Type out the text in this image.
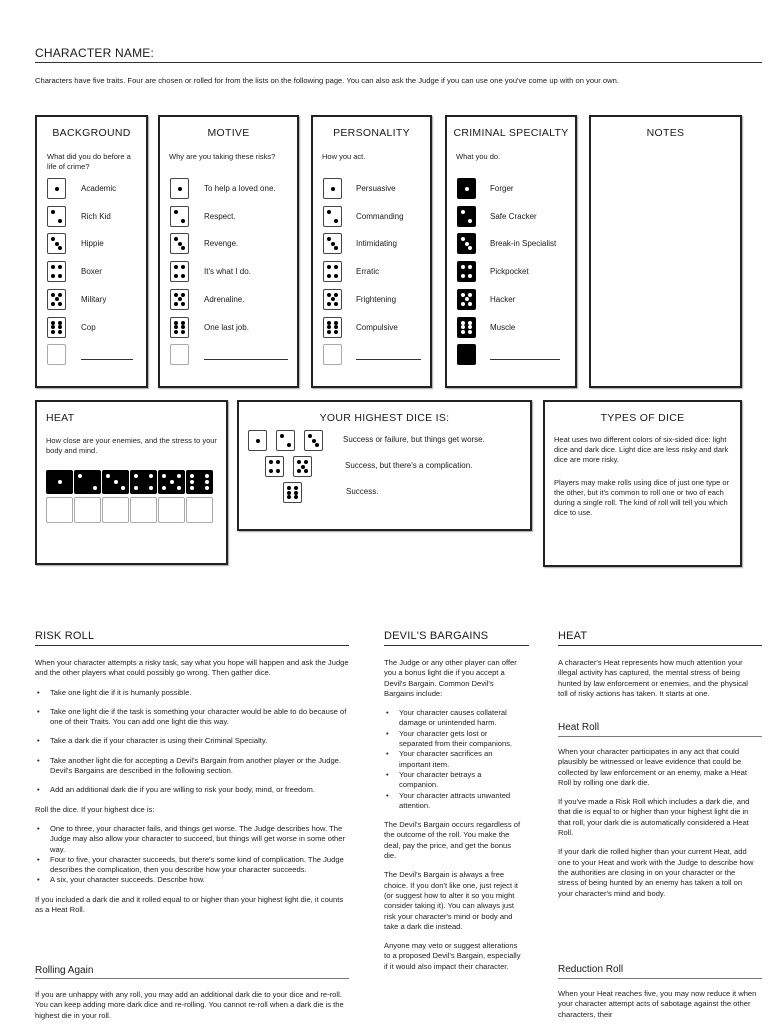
CHARACTER NAME:
Characters have five traits. Four are chosen or rolled for from the lists on the following page. You can also ask the Judge if you can use one you've come up with on your own.
BACKGROUND
What did you do before a life of crime?
Academic
Rich Kid
Hippie
Boxer
Military
Cop
MOTIVE
Why are you taking these risks?
To help a loved one.
Respect.
Revenge.
It's what I do.
Adrenaline.
One last job.
PERSONALITY
How you act.
Persuasive
Commanding
Intimidating
Erratic
Frightening
Compulsive
CRIMINAL SPECIALTY
What you do.
Forger
Safe Cracker
Break-in Specialist
Pickpocket
Hacker
Muscle
NOTES
HEAT
How close are your enemies, and the stress to your body and mind.
YOUR HIGHEST DICE IS:
Success or failure, but things get worse.
Success, but there's a complication.
Success.
TYPES OF DICE
Heat uses two different colors of six-sided dice: light dice and dark dice. Light dice are less risky and dark dice are more risky.
Players may make rolls using dice of just one type or the other, but it's common to roll one or two of each during a single roll. The kind of roll will tell you which dice to use.
RISK ROLL

When your character attempts a risky task, say what you hope will happen and ask the Judge and the other players what could possibly go wrong. Then gather dice.

• Take one light die if it is humanly possible.
• Take one light die if the task is something your character would be able to do because of one of their Traits. You can add one light die this way.
• Take a dark die if your character is using their Criminal Specialty.
• Take another light die for accepting a Devil's Bargain from another player or the Judge. Devil's Bargains are described in the following section.
• Add an additional dark die if you are willing to risk your body, mind, or freedom.

Roll the dice. If your highest dice is:

• One to three, your character fails, and things get worse. The Judge describes how. The Judge may also allow your character to succeed, but things will get worse in some other way.
• Four to five, your character succeeds, but there's some kind of complication. The Judge describes the complication, then you describe how your character succeeds.
• A six, your character succeeds. Describe how.

If you included a dark die and it rolled equal to or higher than your highest light die, it counts as a Heat Roll.

Rolling Again
If you are unhappy with any roll, you may add an additional dark die to your dice and re-roll. You can keep adding more dark dice and re-rolling. You cannot re-roll when a dark die is the highest die in your roll.
DEVIL'S BARGAINS

The Judge or any other player can offer you a bonus light die if you accept a Devil's Bargain. Common Devil's Bargains include:

• Your character causes collateral damage or unintended harm.
• Your character gets lost or separated from their companions.
• Your character sacrifices an important item.
• Your character betrays a companion.
• Your character attracts unwanted attention.

The Devil's Bargain occurs regardless of the outcome of the roll. You make the deal, pay the price, and get the bonus die.

The Devil's Bargain is always a free choice. If you don't like one, just reject it (or suggest how to alter it so you might consider taking it). You can always just risk your character's mind or body and take a dark die instead.

Anyone may veto or suggest alterations to a proposed Devil's Bargain, especially if it would also impact their character.

HEAT
A character's Heat represents how much attention your illegal activity has captured, the mental stress of being hunted by law enforcement or enemies, and the physical toll of risky actions has taken. It starts at one.
Heat Roll

When your character participates in any act that could plausibly be witnessed or leave evidence that could be collected by law enforcement or an enemy, make a Heat Roll by rolling one dark die.

If you've made a Risk Roll which includes a dark die, and that die is equal to or higher than your highest light die in that roll, your dark die is automatically considered a Heat Roll.

If your dark die rolled higher than your current Heat, add one to your Heat and work with the Judge to describe how the authorities are closing in on your character or the stress of being hunted by an enemy has taken a toll on your character's mind and body.

Reduction Roll
When your Heat reaches five, you may now reduce it when your character attempt acts of sabotage against the other characters, their
